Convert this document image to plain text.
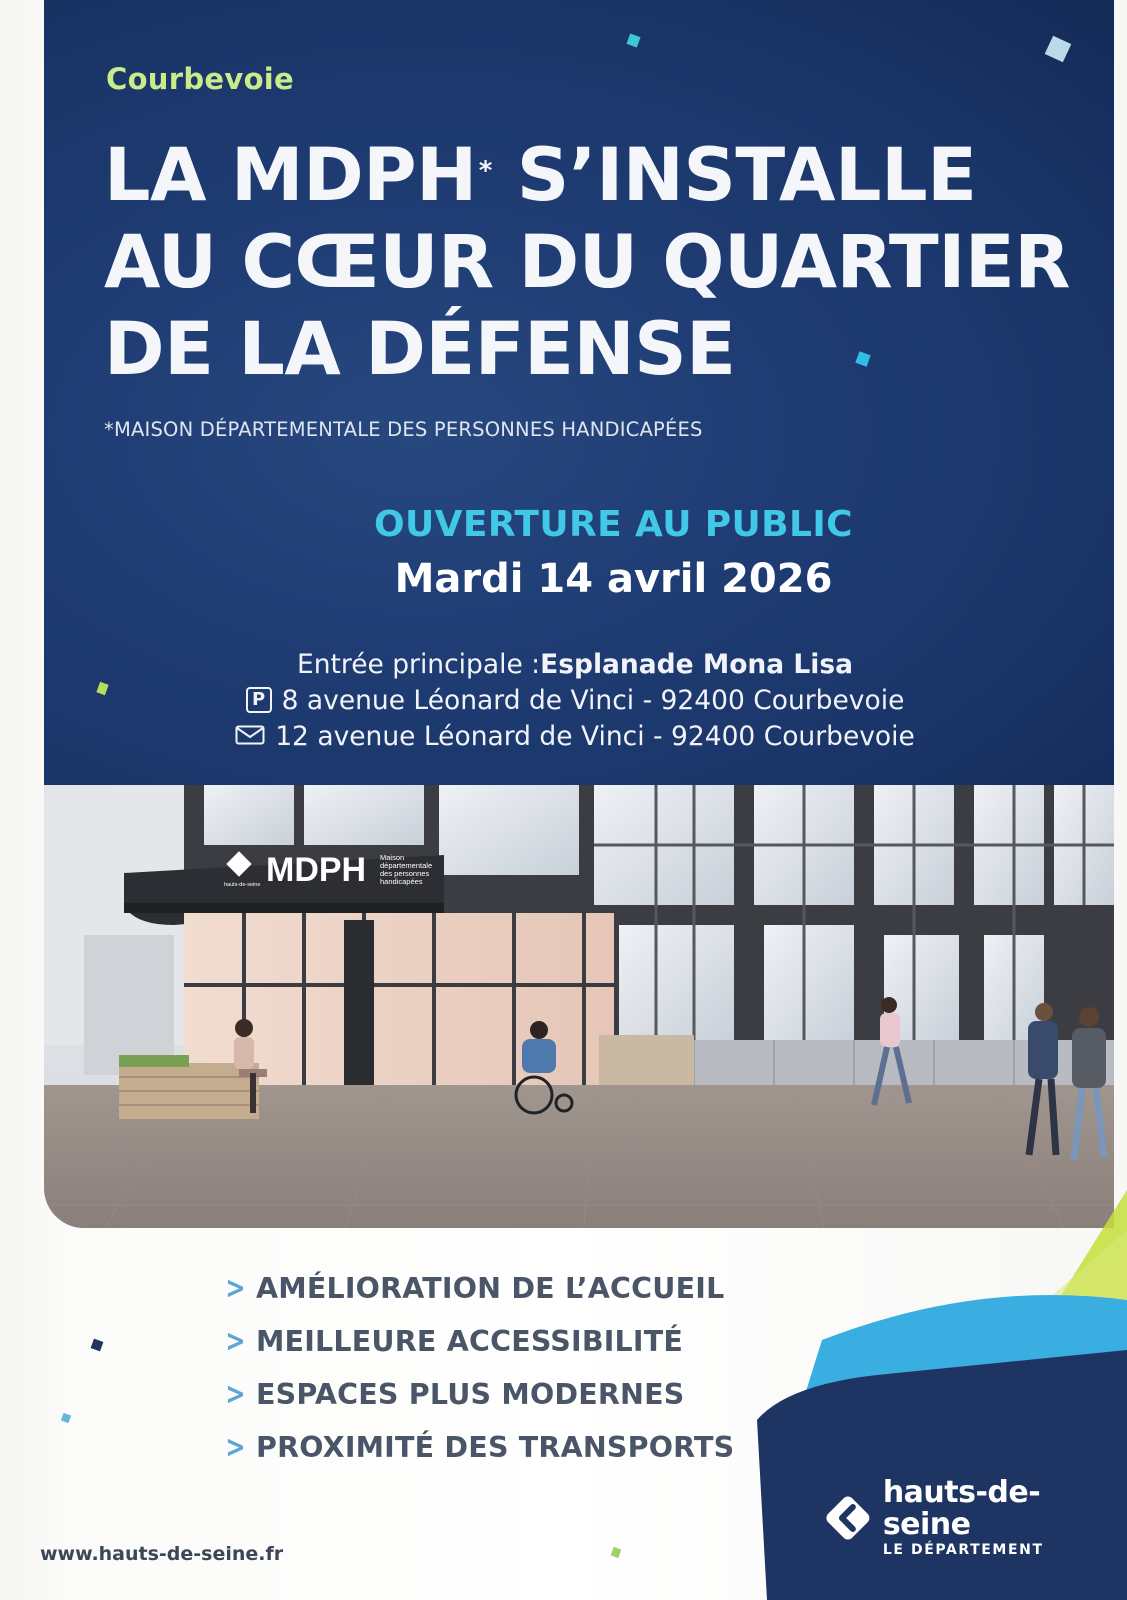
Courbevoie
LA MDPH* S’INSTALLE
AU CŒUR DU QUARTIER
DE LA DÉFENSE
*MAISON DÉPARTEMENTALE DES PERSONNES HANDICAPÉES
OUVERTURE AU PUBLIC
Mardi 14 avril 2026
Entrée principale : Esplanade Mona Lisa
P 8 avenue Léonard de Vinci - 92400 Courbevoie
12 avenue Léonard de Vinci - 92400 Courbevoie
MDPH Maison
départementale
des personnes
handicapées
hauts-de-seine
> AMÉLIORATION DE L’ACCUEIL
> MEILLEURE ACCESSIBILITÉ
> ESPACES PLUS MODERNES
> PROXIMITÉ DES TRANSPORTS
hauts-de-seine
LE DÉPARTEMENT
www.hauts-de-seine.fr
